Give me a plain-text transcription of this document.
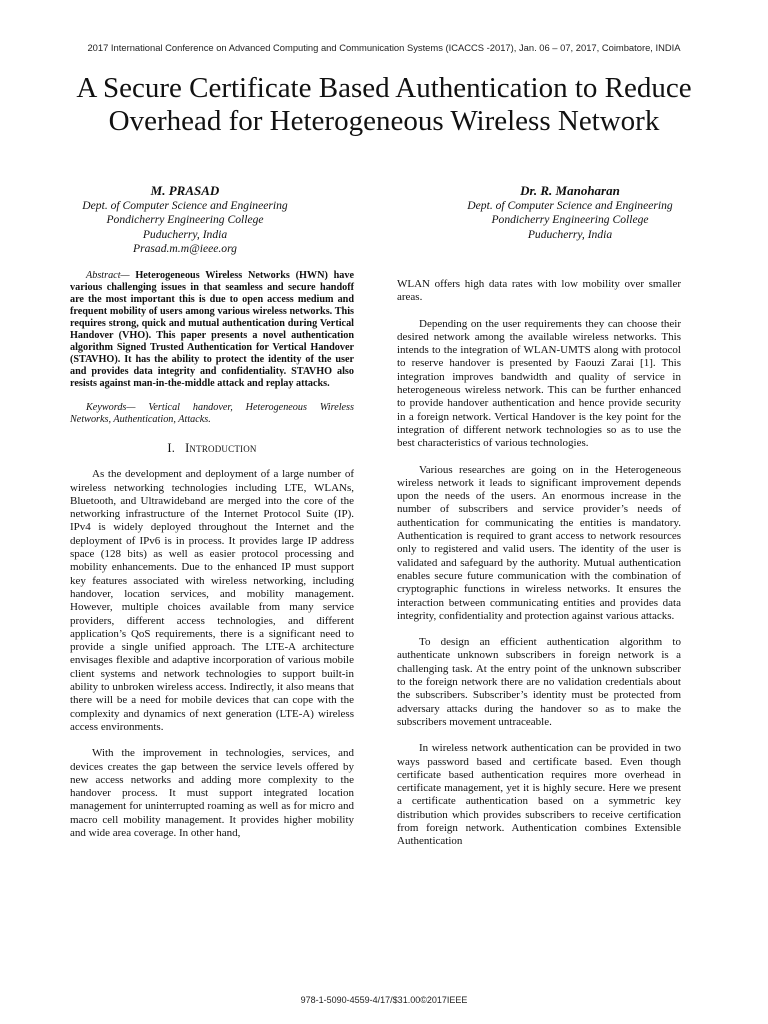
2017 International Conference on Advanced Computing and Communication Systems (ICACCS -2017), Jan. 06 – 07, 2017, Coimbatore, INDIA
A Secure Certificate Based Authentication to Reduce Overhead for Heterogeneous Wireless Network
M. PRASAD
Dept. of Computer Science and Engineering
Pondicherry Engineering College
Puducherry, India
Prasad.m.m@ieee.org
Dr. R. Manoharan
Dept. of Computer Science and Engineering
Pondicherry Engineering College
Puducherry, India

Abstract— Heterogeneous Wireless Networks (HWN) have various challenging issues in that seamless and secure handoff are the most important this is due to open access medium and frequent mobility of users among various wireless networks. This requires strong, quick and mutual authentication during Vertical Handover (VHO). This paper presents a novel authentication algorithm Signed Trusted Authentication for Vertical Handover (STAVHO). It has the ability to protect the identity of the user and provides data integrity and confidentiality. STAVHO also resists against man-in-the-middle attack and replay attacks.

Keywords— Vertical handover, Heterogeneous Wireless Networks, Authentication, Attacks.

I. Introduction

As the development and deployment of a large number of wireless networking technologies including LTE, WLANs, Bluetooth, and Ultrawideband are merged into the core of the networking infrastructure of the Internet Protocol Suite (IP). IPv4 is widely deployed throughout the Internet and the deployment of IPv6 is in process. It provides large IP address space (128 bits) as well as easier protocol processing and mobility enhancements. Due to the enhanced IP must support key features associated with wireless networking, including handover, location services, and mobility management. However, multiple choices available from many service providers, different access technologies, and different application’s QoS requirements, there is a significant need to provide a single unified approach. The LTE-A architecture envisages flexible and adaptive incorporation of various mobile client systems and network technologies to support built-in ability to unbroken wireless access. Indirectly, it also means that there will be a need for mobile devices that can cope with the complexity and dynamics of next generation (LTE-A) wireless access environments.

With the improvement in technologies, services, and devices creates the gap between the service levels offered by new access networks and adding more complexity to the handover process. It must support integrated location management for uninterrupted roaming as well as for micro and macro cell mobility management. It provides higher mobility and wide area coverage. In other hand,

WLAN offers high data rates with low mobility over smaller areas.

Depending on the user requirements they can choose their desired network among the available wireless networks. This intends to the integration of WLAN-UMTS along with protocol to reserve handover is presented by Faouzi Zarai [1]. This integration improves bandwidth and quality of service in heterogeneous wireless network. This can be further enhanced to provide handover authentication and hence provide security in a foreign network. Vertical Handover is the key point for the integration of different network technologies so as to use the best characteristics of various technologies.

Various researches are going on in the Heterogeneous wireless network it leads to significant improvement depends upon the needs of the users. An enormous increase in the number of subscribers and service provider’s needs of authentication for communicating the entities is mandatory. Authentication is required to grant access to network resources only to registered and valid users. The identity of the user is validated and safeguard by the authority. Mutual authentication enables secure future communication with the combination of cryptographic functions in wireless networks. It ensures the interaction between communicating entities and provides data integrity, confidentiality and protection against various attacks.

To design an efficient authentication algorithm to authenticate unknown subscribers in foreign network is a challenging task. At the entry point of the unknown subscriber to the foreign network there are no validation credentials about the subscribers. Subscriber’s identity must be protected from adversary attacks during the handover so as to make the subscribers movement untraceable.

In wireless network authentication can be provided in two ways password based and certificate based. Even though certificate based authentication requires more overhead in certificate management, yet it is highly secure. Here we present a certificate authentication based on a symmetric key distribution which provides subscribers to receive certification from foreign network. Authentication combines Extensible Authentication

978-1-5090-4559-4/17/$31.00©2017IEEE
